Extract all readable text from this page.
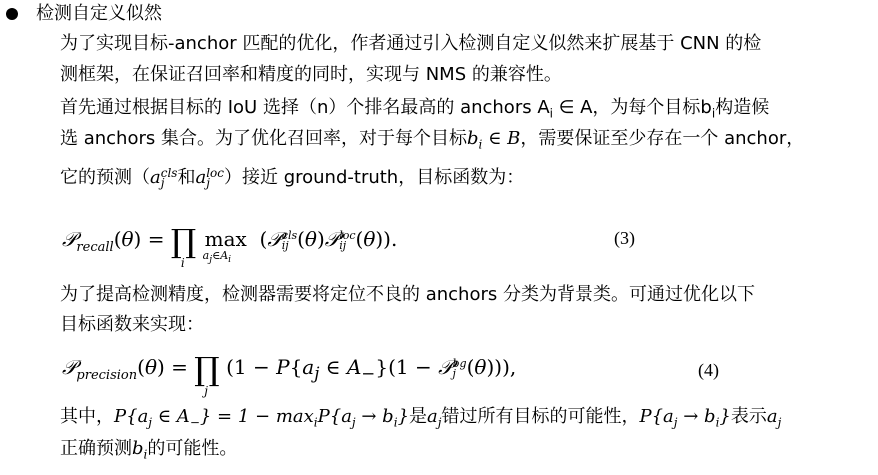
检测自定义似然
为了实现目标-anchor 匹配的优化，作者通过引入检测自定义似然来扩展基于 CNN 的检
测框架，在保证召回率和精度的同时，实现与 NMS 的兼容性。
首先通过根据目标的 IoU 选择（n）个排名最高的 anchors $A_i$ ∈ A，为每个目标$b_i$构造候
选 anchors 集合。为了优化召回率，对于每个目标$b_i$ ∈ B，需要保证至少存在一个 anchor，
它的预测（a cls
j 和a loc
j ）接近 ground-truth，目标函数为：
𝒫$_{recall}$(θ) = ∏
i
max
$a_j\in A_i$
(𝒫 cls
ij (θ)𝒫 loc
ij (θ)).	(3)
为了提高检测精度，检测器需要将定位不良的 anchors 分类为背景类。可通过优化以下
目标函数来实现：
𝒫$_{precision}$(θ) = ∏
j
($1 - P\{a_j$ ∈ $A_-\}(1$ − 𝒫 bg
j (θ))),	(4)
其中，$P\{a_j$ ∈ $A_-\} = 1 - \max_iP\{a_j \to b_i\}$是$a_j$错过所有目标的可能性，$P\{a_j \to b_i\}$表示$a_j$
正确预测$b_i$的可能性。
